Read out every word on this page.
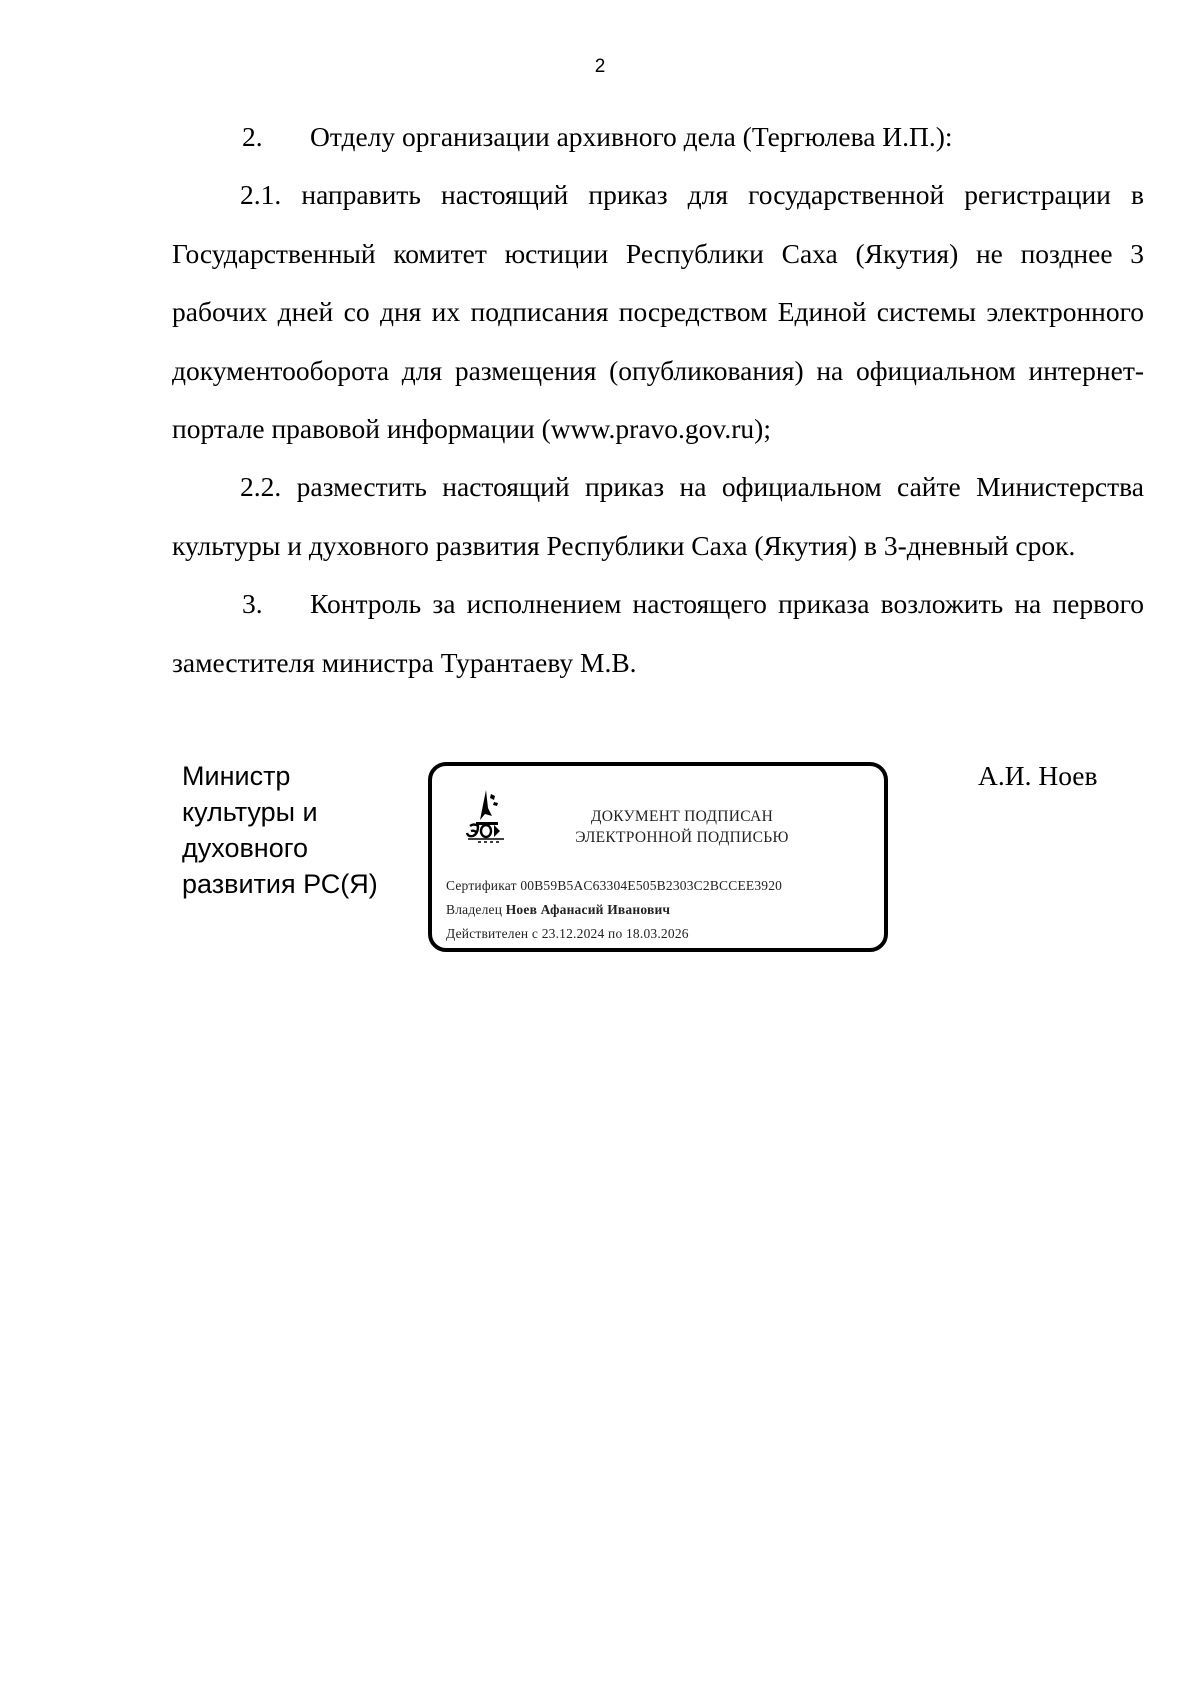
2

2. Отделу организации архивного дела (Тергюлева И.П.):

2.1. направить настоящий приказ для государственной регистрации в
Государственный комитет юстиции Республики Саха (Якутия) не позднее 3
рабочих дней со дня их подписания посредством Единой системы электронного
документооборота для размещения (опубликования) на официальном интернет-
портале правовой информации (www.pravo.gov.ru);

2.2. разместить настоящий приказ на официальном сайте Министерства
культуры и духовного развития Республики Саха (Якутия) в 3-дневный срок.

3. Контроль за исполнением настоящего приказа возложить на первого
заместителя министра Турантаеву М.В.

Министр
культуры и
духовного
развития РС(Я)
А.И. Ноев
ДОКУМЕНТ ПОДПИСАН
ЭЛЕКТРОННОЙ ПОДПИСЬЮ
Сертификат 00B59B5AC63304E505B2303C2BCCEE3920
Владелец Ноев Афанасий Иванович
Действителен с 23.12.2024 по 18.03.2026
